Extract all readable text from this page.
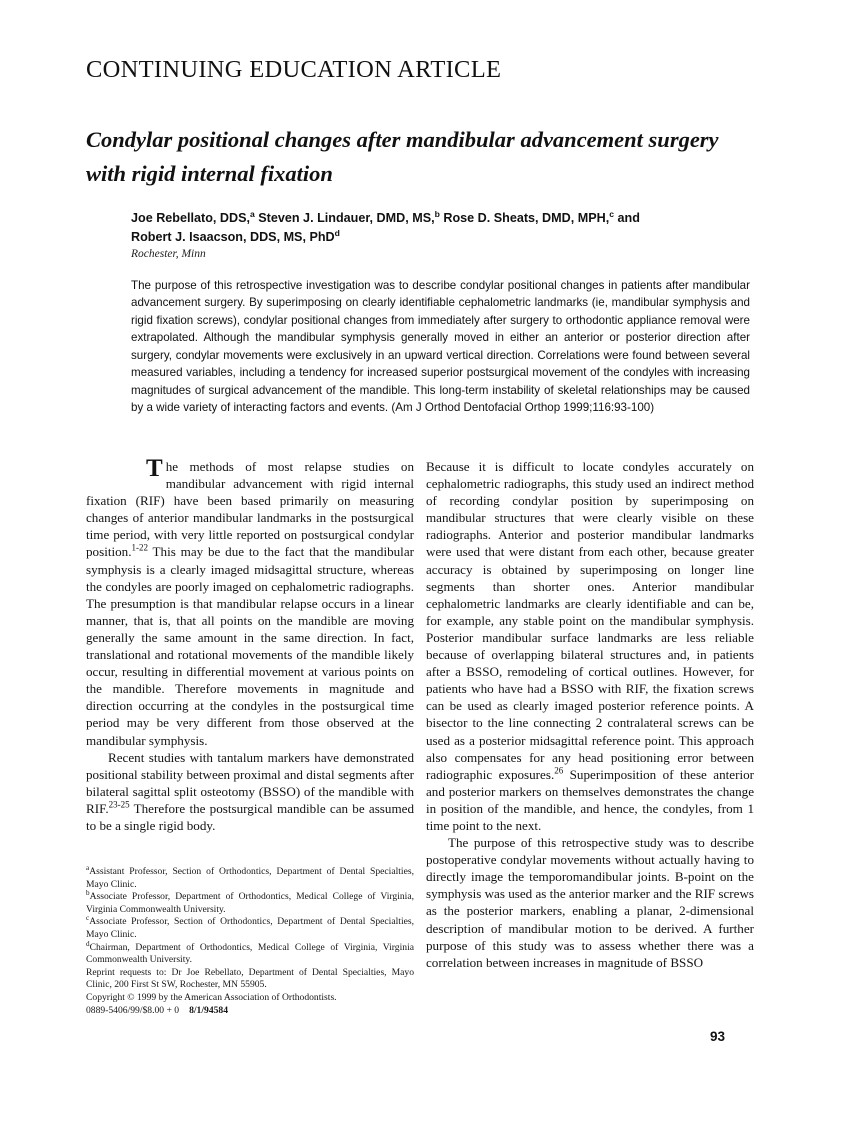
CONTINUING EDUCATION ARTICLE
Condylar positional changes after mandibular advancement surgery with rigid internal fixation
Joe Rebellato, DDS,$^a$ Steven J. Lindauer, DMD, MS,$^b$ Rose D. Sheats, DMD, MPH,$^c$ and
Robert J. Isaacson, DDS, MS, PhD$^d$
Rochester, Minn
The purpose of this retrospective investigation was to describe condylar positional changes in patients after mandibular advancement surgery. By superimposing on clearly identifiable cephalometric landmarks (ie, mandibular symphysis and rigid fixation screws), condylar positional changes from immediately after surgery to orthodontic appliance removal were extrapolated. Although the mandibular symphysis generally moved in either an anterior or posterior direction after surgery, condylar movements were exclusively in an upward vertical direction. Correlations were found between several measured variables, including a tendency for increased superior postsurgical movement of the condyles with increasing magnitudes of surgical advancement of the mandible. This long-term instability of skeletal relationships may be caused by a wide variety of interacting factors and events. (Am J Orthod Dentofacial Orthop 1999;116:93-100)

The methods of most relapse studies on mandibular advancement with rigid internal fixation (RIF) have been based primarily on measuring changes of anterior mandibular landmarks in the postsurgical time period, with very little reported on postsurgical condylar position.$^{1-22}$ This may be due to the fact that the mandibular symphysis is a clearly imaged midsagittal structure, whereas the condyles are poorly imaged on cephalometric radiographs. The presumption is that mandibular relapse occurs in a linear manner, that is, that all points on the mandible are moving generally the same amount in the same direction. In fact, translational and rotational movements of the mandible likely occur, resulting in differential movement at various points on the mandible. Therefore movements in magnitude and direction occurring at the condyles in the postsurgical time period may be very different from those observed at the mandibular symphysis.

Recent studies with tantalum markers have demonstrated positional stability between proximal and distal segments after bilateral sagittal split osteotomy (BSSO) of the mandible with RIF.$^{23-25}$ Therefore the postsurgical mandible can be assumed to be a single rigid body.

Because it is difficult to locate condyles accurately on cephalometric radiographs, this study used an indirect method of recording condylar position by superimposing on mandibular structures that were clearly visible on these radiographs. Anterior and posterior mandibular landmarks were used that were distant from each other, because greater accuracy is obtained by superimposing on longer line segments than shorter ones. Anterior mandibular cephalometric landmarks are clearly identifiable and can be, for example, any stable point on the mandibular symphysis. Posterior mandibular surface landmarks are less reliable because of overlapping bilateral structures and, in patients after a BSSO, remodeling of cortical outlines. However, for patients who have had a BSSO with RIF, the fixation screws can be used as clearly imaged posterior reference points. A bisector to the line connecting 2 contralateral screws can be used as a posterior midsagittal reference point. This approach also compensates for any head positioning error between radiographic exposures.$^{26}$ Superimposition of these anterior and posterior markers on themselves demonstrates the change in position of the mandible, and hence, the condyles, from 1 time point to the next.

The purpose of this retrospective study was to describe postoperative condylar movements without actually having to directly image the temporomandibular joints. B-point on the symphysis was used as the anterior marker and the RIF screws as the posterior markers, enabling a planar, 2-dimensional description of mandibular motion to be derived. A further purpose of this study was to assess whether there was a correlation between increases in magnitude of BSSO

$^a$Assistant Professor, Section of Orthodontics, Department of Dental Specialties, Mayo Clinic.

$^b$Associate Professor, Department of Orthodontics, Medical College of Virginia, Virginia Commonwealth University.

$^c$Associate Professor, Section of Orthodontics, Department of Dental Specialties, Mayo Clinic.

$^d$Chairman, Department of Orthodontics, Medical College of Virginia, Virginia Commonwealth University.

Reprint requests to: Dr Joe Rebellato, Department of Dental Specialties, Mayo Clinic, 200 First St SW, Rochester, MN 55905.

Copyright © 1999 by the American Association of Orthodontists.

0889-5406/99/$8.00 + 0 8/1/94584

93
